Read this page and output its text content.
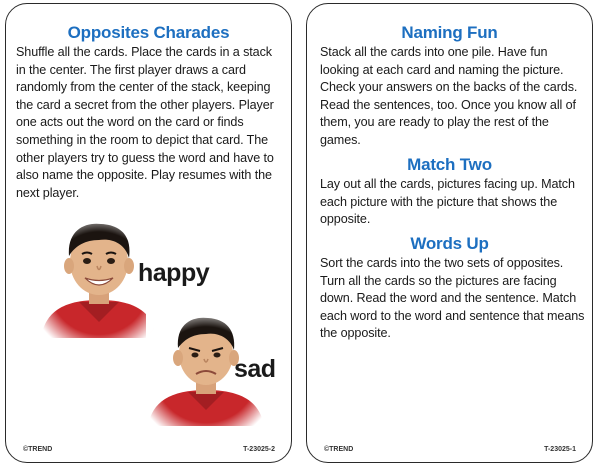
Opposites Charades

Shuffle all the cards. Place the cards in a stack in the center. The first player draws a card randomly from the center of the stack, keeping the card a secret from the other players. Player one acts out the word on the card or finds something in the room to depict that card. The other players try to guess the word and have to also name the opposite. Play resumes with the next player.

happy
sad
©TREND	T-23025-2
Naming Fun

Stack all the cards into one pile. Have fun looking at each card and naming the picture. Check your answers on the backs of the cards. Read the sentences, too. Once you know all of them, you are ready to play the rest of the games.

Match Two

Lay out all the cards, pictures facing up. Match each picture with the picture that shows the opposite.

Words Up

Sort the cards into the two sets of opposites. Turn all the cards so the pictures are facing down. Read the word and the sentence. Match each word to the word and sentence that means the opposite.

©TREND	T-23025-1
